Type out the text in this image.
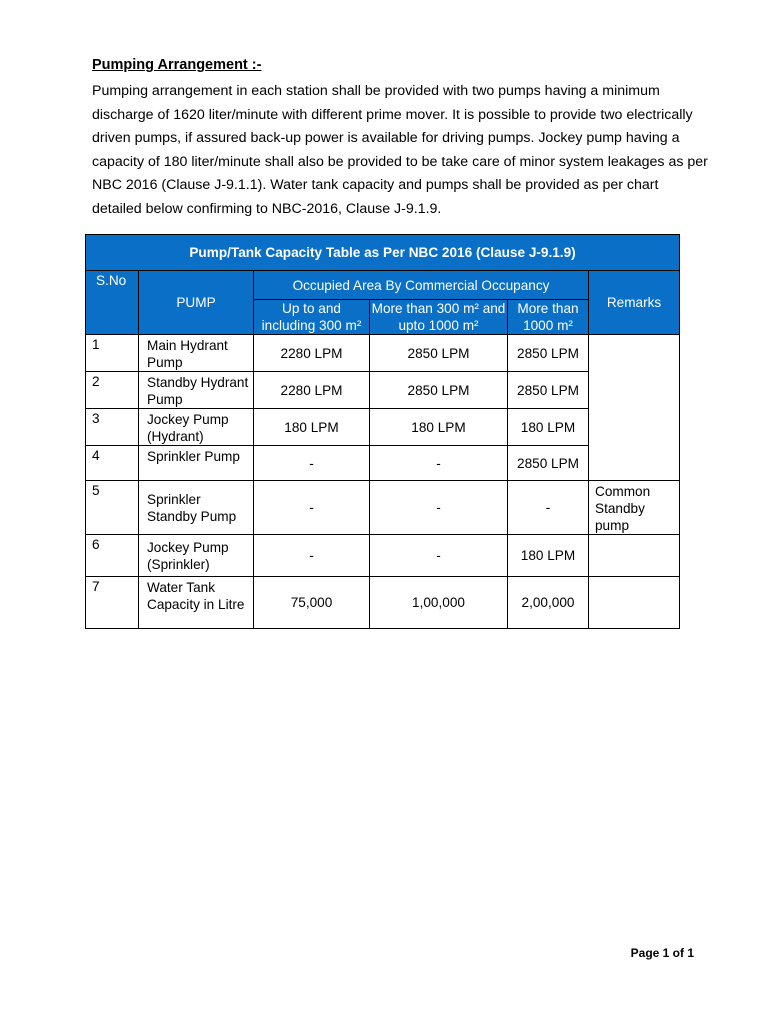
Pumping Arrangement :-

Pumping arrangement in each station shall be provided with two pumps having a minimum discharge of 1620 liter/minute with different prime mover. It is possible to provide two electrically driven pumps, if assured back-up power is available for driving pumps. Jockey pump having a capacity of 180 liter/minute shall also be provided to be take care of minor system leakages as per NBC 2016 (Clause J-9.1.1). Water tank capacity and pumps shall be provided as per chart detailed below confirming to NBC-2016, Clause J-9.1.9.

Pump/Tank Capacity Table as Per NBC 2016 (Clause J-9.1.9)					
S.No	PUMP	Occupied Area By Commercial Occupancy			Remarks
		Up to and including 300 m²	More than 300 m² and upto 1000 m²	More than 1000 m²	
1	Main Hydrant Pump	2280 LPM	2850 LPM	2850 LPM	
2	Standby Hydrant Pump	2280 LPM	2850 LPM	2850 LPM	
3	Jockey Pump (Hydrant)	180 LPM	180 LPM	180 LPM	
4	Sprinkler Pump	-	-	2850 LPM	
5	Sprinkler Standby Pump	-	-	-	Common Standby pump
6	Jockey Pump (Sprinkler)	-	-	180 LPM	
7	Water Tank Capacity in Litre	75,000	1,00,000	2,00,000	
Page 1 of 1
